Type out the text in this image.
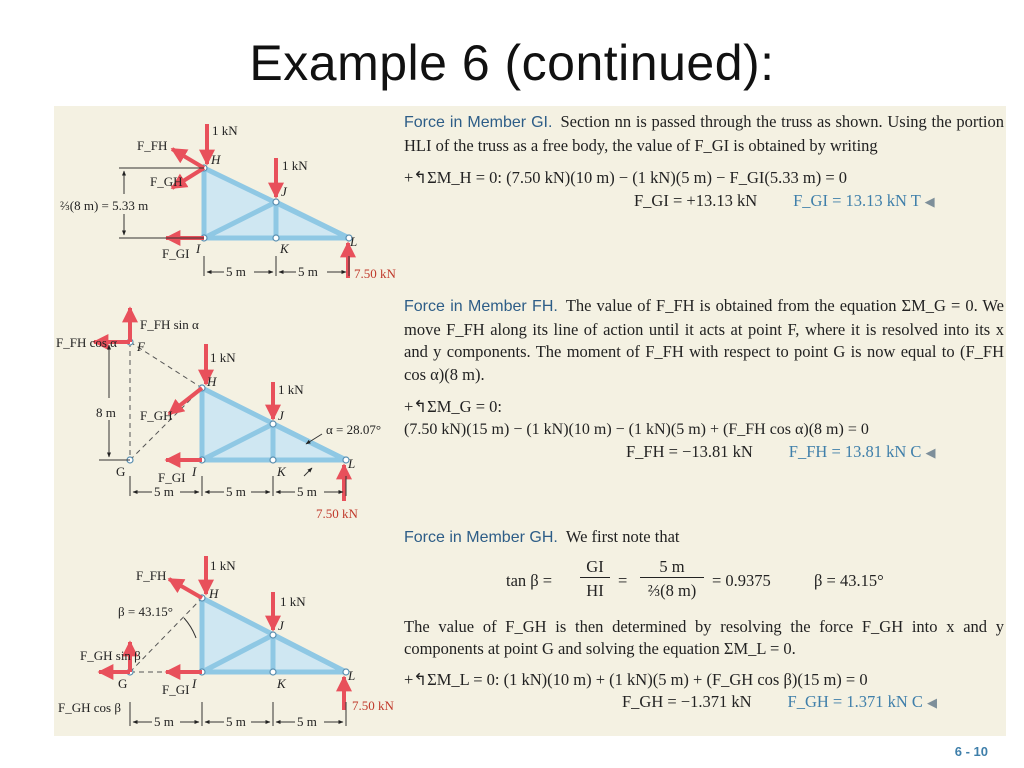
Example 6 (continued):
1 kN
F_FH
H	1 kN
F_GH
J
⅔(8 m) = 5.33 m
L
I	K
F_GI
5 m	5 m	7.50 kN
F_FH sin α
F_FH cos α F
1 kN
H
1 kN
8 m F_GH	J
α = 28.07°
G
L
I	K
F_GI
5 m	5 m	5 m
7.50 kN
1 kN
F_FH
H
β = 43.15°
1 kN
J
F_GH sin β
G
L
I	K
F_GI
F_GH cos β	7.50 kN
5 m	5 m	5 m

Force in Member GI. Section nn is passed through the truss as shown. Using the portion HLI of the truss as a free body, the value of F_GI is obtained by writing

+↰ΣM_H = 0: (7.50 kN)(10 m) − (1 kN)(5 m) − F_GI(5.33 m) = 0

F_GI = +13.13 kN F_GI = 13.13 kN T ◀

Force in Member FH. The value of F_FH is obtained from the equation ΣM_G = 0. We move F_FH along its line of action until it acts at point F, where it is resolved into its x and y components. The moment of F_FH with respect to point G is now equal to (F_FH cos α)(8 m).

+↰ΣM_G = 0:

(7.50 kN)(15 m) − (1 kN)(10 m) − (1 kN)(5 m) + (F_FH cos α)(8 m) = 0

F_FH = −13.81 kN F_FH = 13.81 kN C ◀

Force in Member GH. We first note that

tan β =
GI
HI
=
5 m
⅔(8 m)
= 0.9375	β = 43.15°

The value of F_GH is then determined by resolving the force F_GH into x and y components at point G and solving the equation ΣM_L = 0.

+↰ΣM_L = 0: (1 kN)(10 m) + (1 kN)(5 m) + (F_GH cos β)(15 m) = 0

F_GH = −1.371 kN F_GH = 1.371 kN C ◀

6 - 10
